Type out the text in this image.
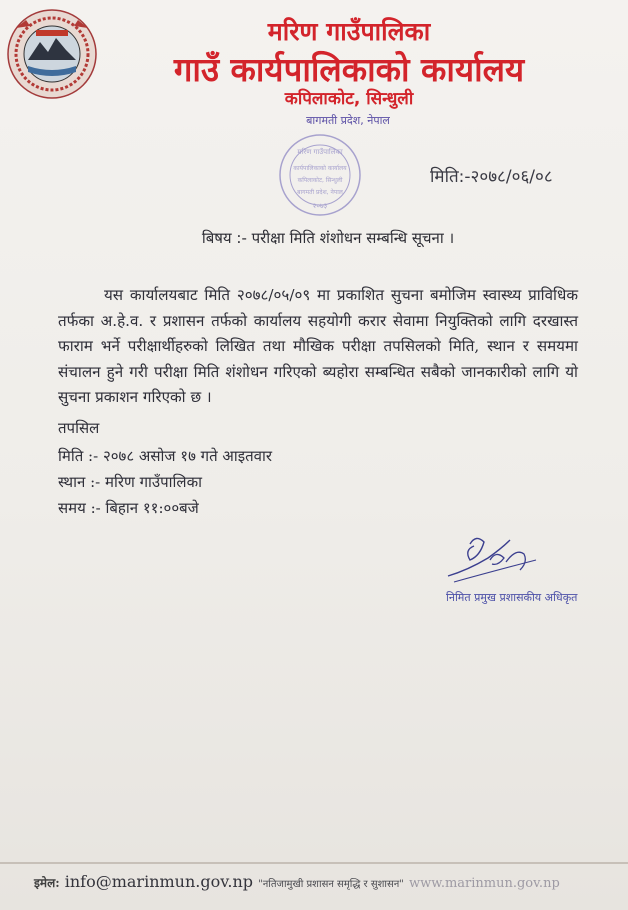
मरिण गाउँपालिका
गाउँ कार्यपालिकाको कार्यालय
कपिलाकोट, सिन्धुली
बागमती प्रदेश, नेपाल
मरिण गाउँपालिका
कार्यपालिकाको कार्यालय
कपिलाकोट, सिन्धुली
बागमती प्रदेश, नेपाल
२०७३
मिति:-२०७८/०६/०८
बिषय :- परीक्षा मिति शंशोधन सम्बन्धि सूचना ।
यस कार्यालयबाट मिति २०७८/०५/०९ मा प्रकाशित सुचना बमोजिम स्वास्थ्य प्राविधिक तर्फका अ.हे.व. र प्रशासन तर्फको कार्यालय सहयोगी करार सेवामा नियुक्तिको लागि दरखास्त फाराम भर्ने परीक्षार्थीहरुको लिखित तथा मौखिक परीक्षा तपसिलको मिति, स्थान र समयमा संचालन हुने गरी परीक्षा मिति शंशोधन गरिएको ब्यहोरा सम्बन्धित सबैको जानकारीको लागि यो सुचना प्रकाशन गरिएको छ ।
तपसिल
मिति :- २०७८ असोज १७ गते आइतवार
स्थान :- मरिण गाउँपालिका
समय :- बिहान ११:००बजे
निमित प्रमुख प्रशासकीय अधिकृत
इमेल: info@marinmun.gov.np "नतिजामुखी प्रशासन समृद्धि र सुशासन" www.marinmun.gov.np
